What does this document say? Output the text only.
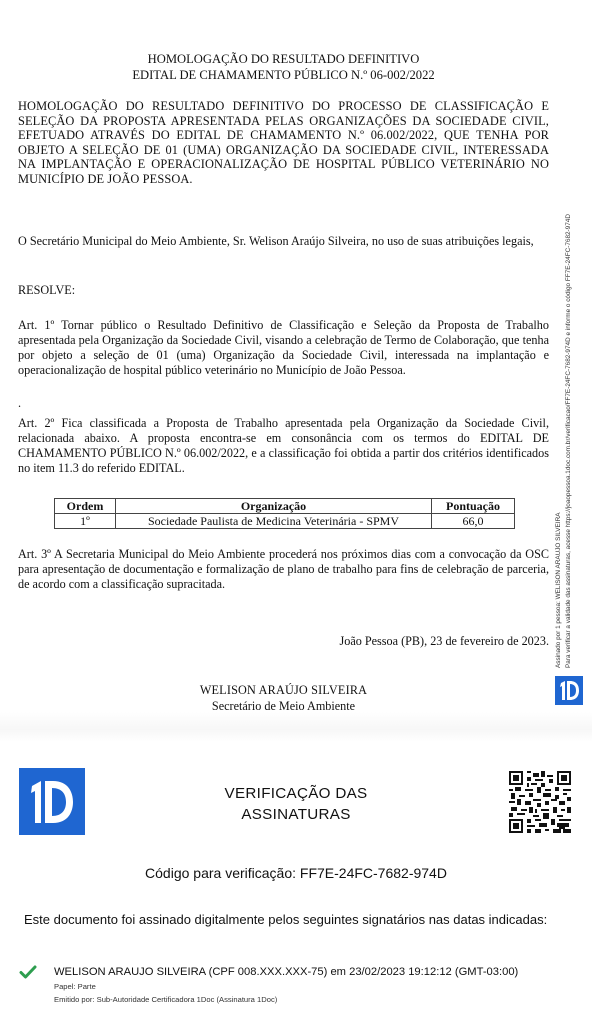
HOMOLOGAÇÃO DO RESULTADO DEFINITIVO
EDITAL DE CHAMAMENTO PÚBLICO N.º 06-002/2022
HOMOLOGAÇÃO DO RESULTADO DEFINITIVO DO PROCESSO DE CLASSIFICAÇÃO E SELEÇÃO DA PROPOSTA APRESENTADA PELAS ORGANIZAÇÕES DA SOCIEDADE CIVIL, EFETUADO ATRAVÉS DO EDITAL DE CHAMAMENTO N.º 06.002/2022, QUE TENHA POR OBJETO A SELEÇÃO DE 01 (UMA) ORGANIZAÇÃO DA SOCIEDADE CIVIL, INTERESSADA NA IMPLANTAÇÃO E OPERACIONALIZAÇÃO DE HOSPITAL PÚBLICO VETERINÁRIO NO MUNICÍPIO DE JOÃO PESSOA.
O Secretário Municipal do Meio Ambiente, Sr. Welison Araújo Silveira, no uso de suas atribuições legais,
RESOLVE:
Art. 1º Tornar público o Resultado Definitivo de Classificação e Seleção da Proposta de Trabalho apresentada pela Organização da Sociedade Civil, visando a celebração de Termo de Colaboração, que tenha por objeto a seleção de 01 (uma) Organização da Sociedade Civil, interessada na implantação e operacionalização de hospital público veterinário no Município de João Pessoa.
.
Art. 2º Fica classificada a Proposta de Trabalho apresentada pela Organização da Sociedade Civil, relacionada abaixo. A proposta encontra-se em consonância com os termos do EDITAL DE CHAMAMENTO PÚBLICO N.º 06.002/2022, e a classificação foi obtida a partir dos critérios identificados no item 11.3 do referido EDITAL.
Ordem	Organização	Pontuação
1º	Sociedade Paulista de Medicina Veterinária - SPMV	66,0
Art. 3º A Secretaria Municipal do Meio Ambiente procederá nos próximos dias com a convocação da OSC para apresentação de documentação e formalização de plano de trabalho para fins de celebração de parceria, de acordo com a classificação supracitada.
João Pessoa (PB), 23 de fevereiro de 2023.
WELISON ARAÚJO SILVEIRA
Secretário de Meio Ambiente
Para verificar a validade das assinaturas, acesse https://joaopessoa.1doc.com.br/verificacao/FF7E-24FC-7682-974D e informe o código FF7E-24FC-7682-974D
Assinado por 1 pessoa: WELISON ARAUJO SILVEIRA
VERIFICAÇÃO DAS
ASSINATURAS
Código para verificação: FF7E-24FC-7682-974D
Este documento foi assinado digitalmente pelos seguintes signatários nas datas indicadas:
WELISON ARAUJO SILVEIRA (CPF 008.XXX.XXX-75) em 23/02/2023 19:12:12 (GMT-03:00)
Papel: Parte
Emitido por: Sub-Autoridade Certificadora 1Doc (Assinatura 1Doc)
